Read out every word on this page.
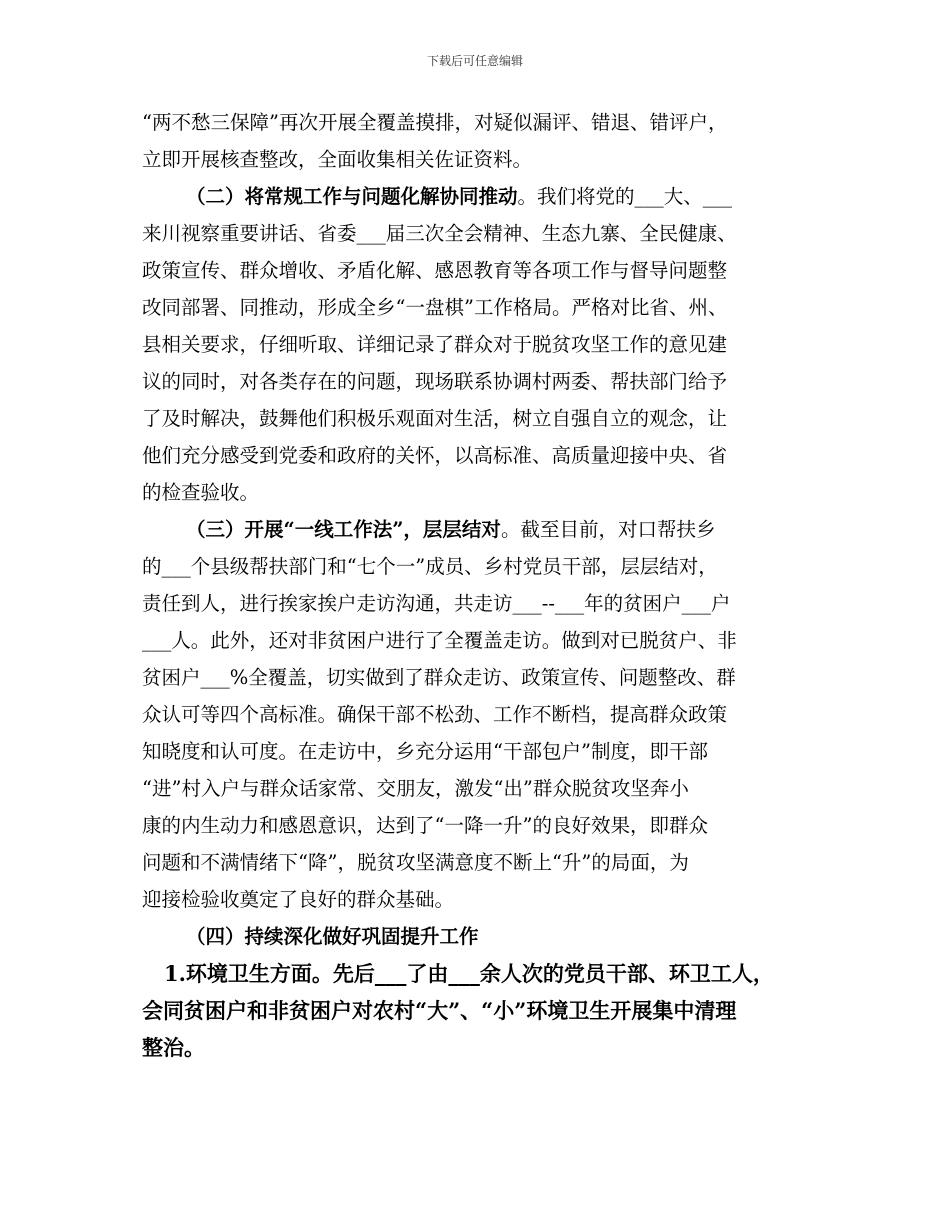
下载后可任意编辑
“两不愁三保障”再次开展全覆盖摸排，对疑似漏评、错退、错评户，
立即开展核查整改，全面收集相关佐证资料。
（二）将常规工作与问题化解协同推动。我们将党的___大、___
来川视察重要讲话、省委___届三次全会精神、生态九寨、全民健康、
政策宣传、群众增收、矛盾化解、感恩教育等各项工作与督导问题整
改同部署、同推动，形成全乡“一盘棋”工作格局。严格对比省、州、
县相关要求，仔细听取、详细记录了群众对于脱贫攻坚工作的意见建
议的同时，对各类存在的问题，现场联系协调村两委、帮扶部门给予
了及时解决，鼓舞他们积极乐观面对生活，树立自强自立的观念，让
他们充分感受到党委和政府的关怀，以高标准、高质量迎接中央、省
的检查验收。
（三）开展“一线工作法”，层层结对。截至目前，对口帮扶乡
的___个县级帮扶部门和“七个一”成员、乡村党员干部，层层结对，
责任到人，进行挨家挨户走访沟通，共走访___--___年的贫困户___户
___人。此外，还对非贫困户进行了全覆盖走访。做到对已脱贫户、非
贫困户___%全覆盖，切实做到了群众走访、政策宣传、问题整改、群
众认可等四个高标准。确保干部不松劲、工作不断档，提高群众政策
知晓度和认可度。在走访中，乡充分运用“干部包户”制度，即干部
“进”村入户与群众话家常、交朋友，激发“出”群众脱贫攻坚奔小
康的内生动力和感恩意识，达到了“一降一升”的良好效果，即群众
问题和不满情绪下“降”，脱贫攻坚满意度不断上“升”的局面，为
迎接检验收奠定了良好的群众基础。
（四）持续深化做好巩固提升工作
1.环境卫生方面。先后___了由___余人次的党员干部、环卫工人，
会同贫困户和非贫困户对农村“大”、“小”环境卫生开展集中清理
整治。
